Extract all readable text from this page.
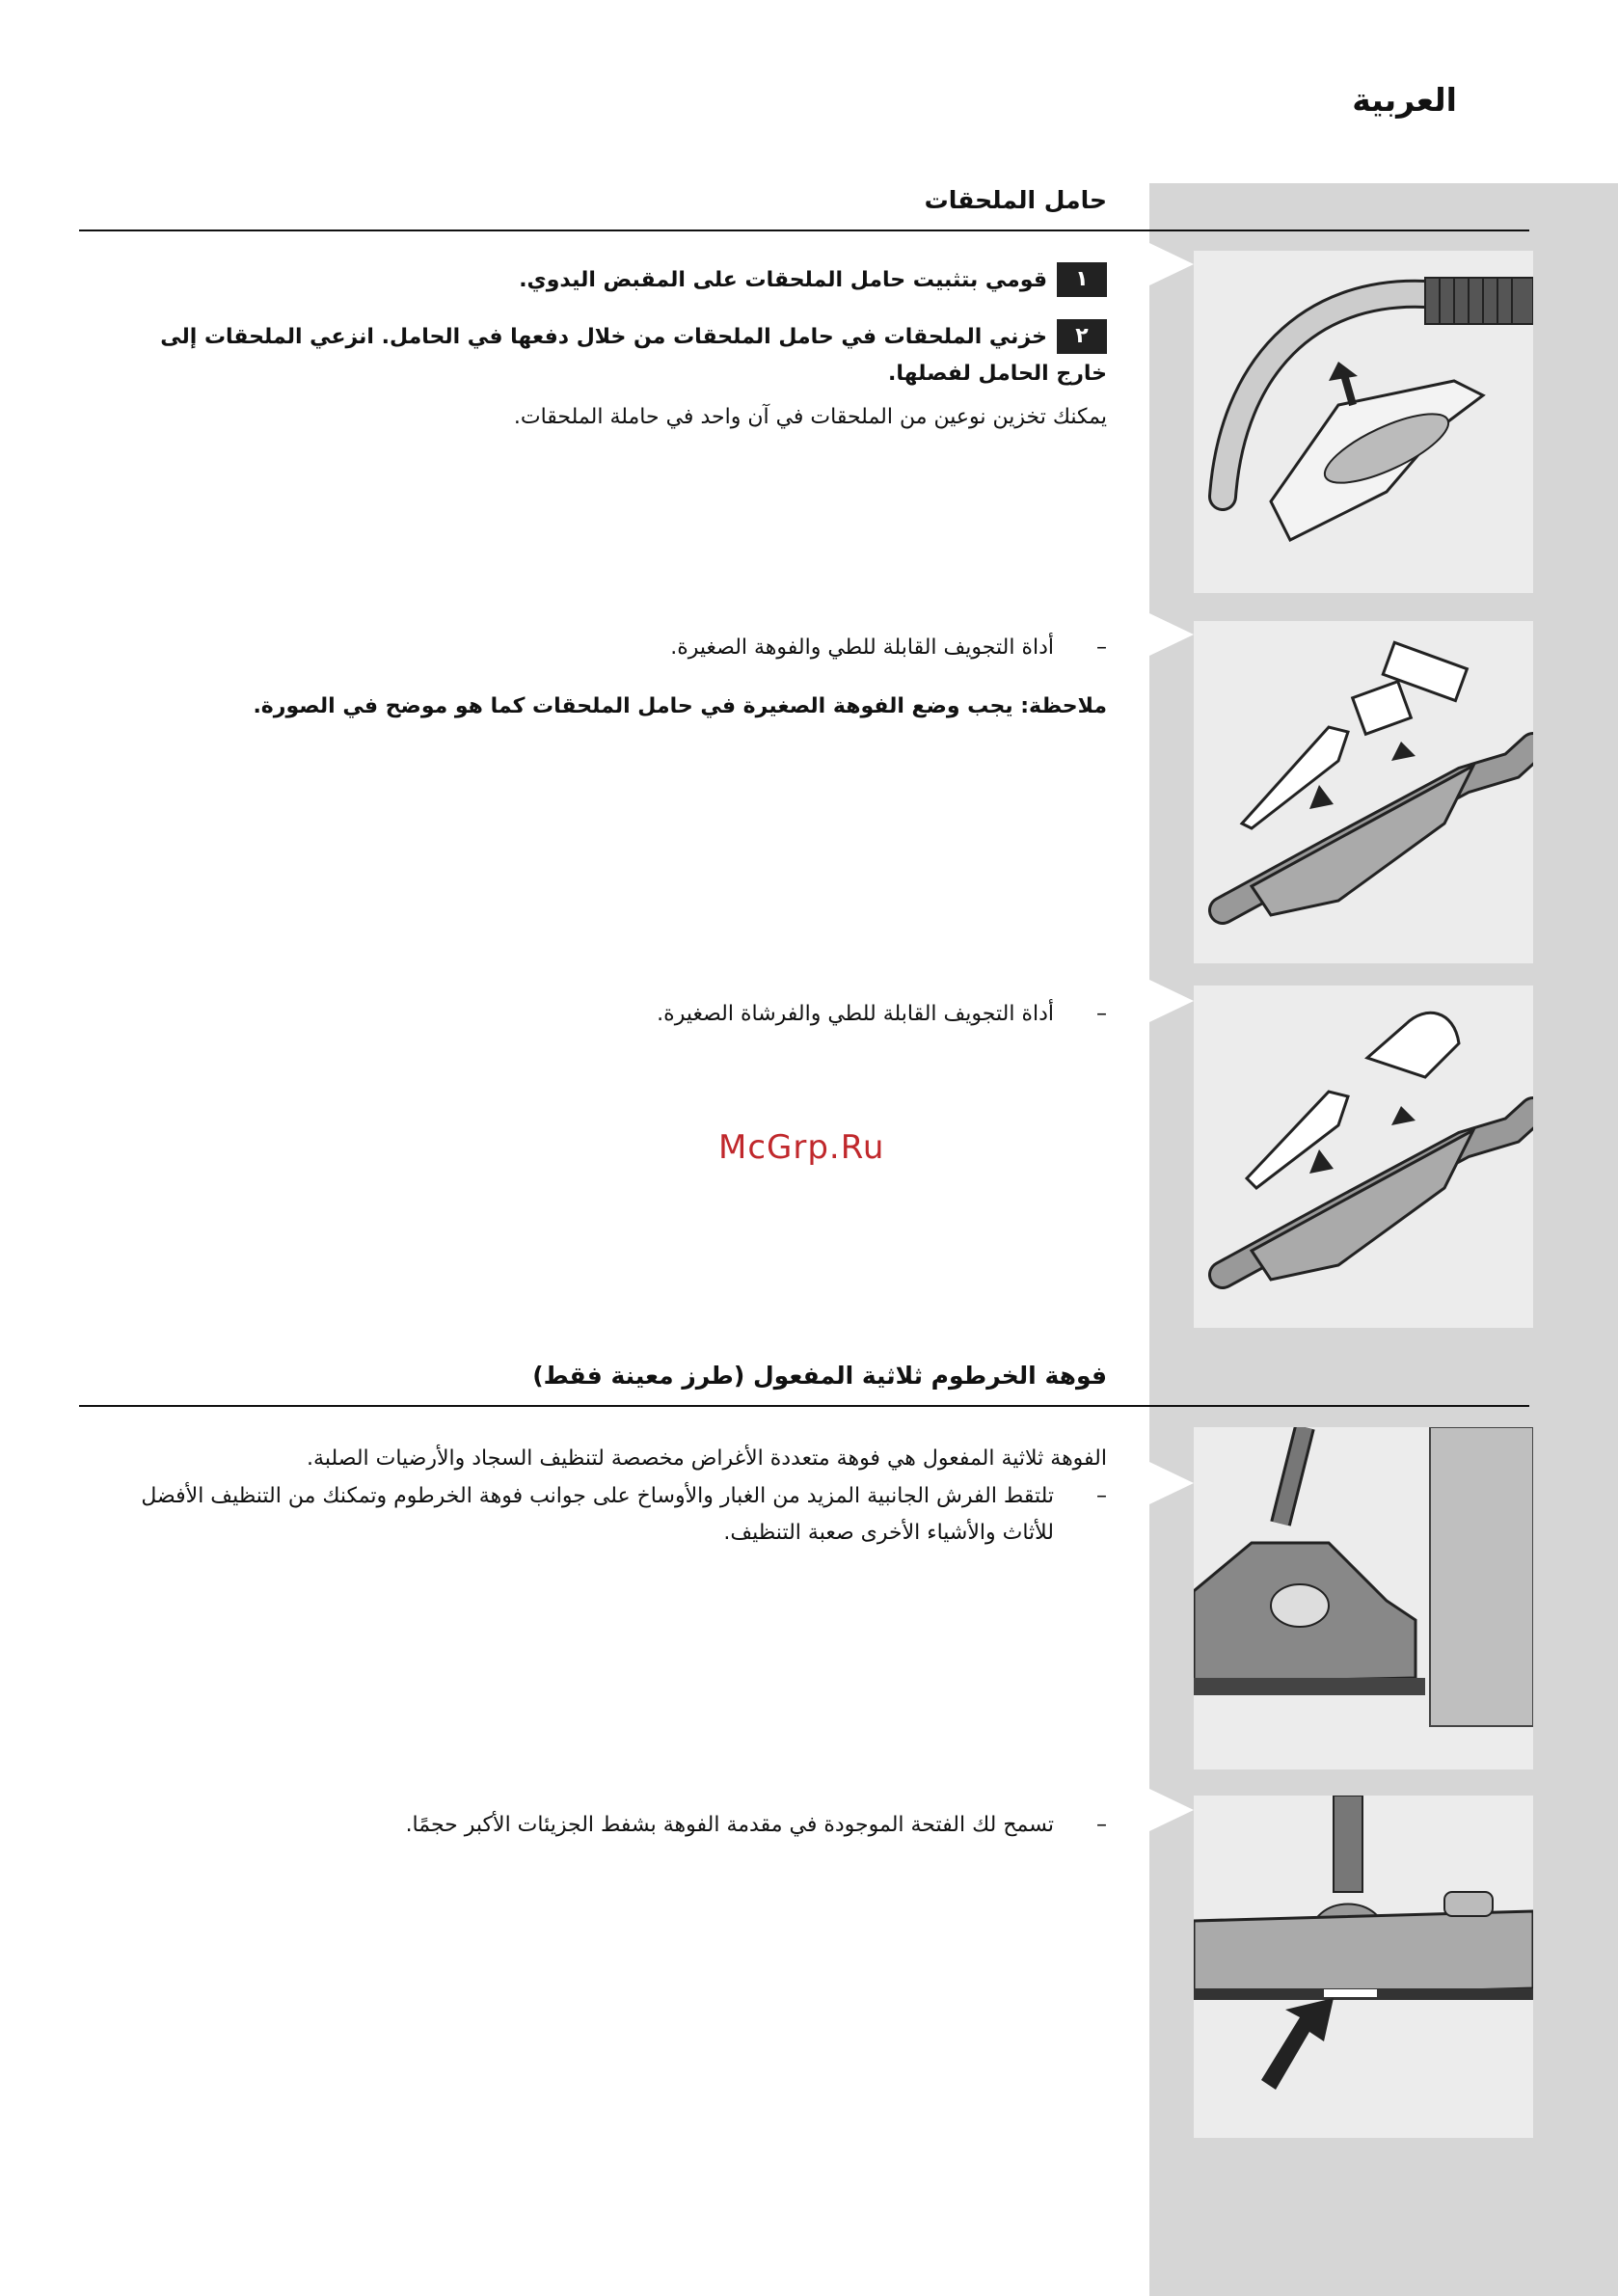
العربية
حامل الملحقات
١قومي بتثبيت حامل الملحقات على المقبض اليدوي.
٢خزني الملحقات في حامل الملحقات من خلال دفعها في الحامل. انزعي الملحقات إلى خارج الحامل لفصلها.
يمكنك تخزين نوعين من الملحقات في آن واحد في حاملة الملحقات.
–أداة التجويف القابلة للطي والفوهة الصغيرة.
ملاحظة: يجب وضع الفوهة الصغيرة في حامل الملحقات كما هو موضح في الصورة.
–أداة التجويف القابلة للطي والفرشاة الصغيرة.
McGrp.Ru
فوهة الخرطوم ثلاثية المفعول (طرز معينة فقط)
الفوهة ثلاثية المفعول هي فوهة متعددة الأغراض مخصصة لتنظيف السجاد والأرضيات الصلبة.
–تلتقط الفرش الجانبية المزيد من الغبار والأوساخ على جوانب فوهة الخرطوم وتمكنك من التنظيف الأفضل للأثاث والأشياء الأخرى صعبة التنظيف.
–تسمح لك الفتحة الموجودة في مقدمة الفوهة بشفط الجزيئات الأكبر حجمًا.
